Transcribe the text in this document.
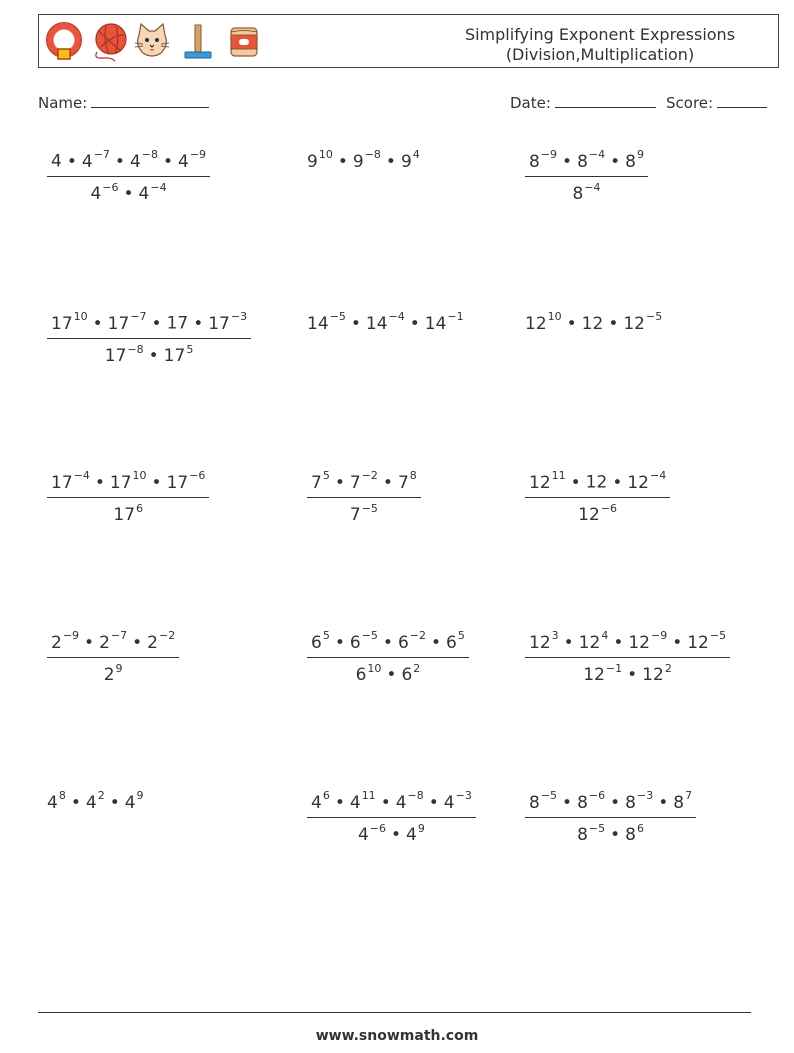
Simplifying Exponent Expressions
(Division,Multiplication)
Name:	Date:	Score:
$\frac{4 • 4^{-7} • 4^{-8} • 4^{-9}}{4^{-6} • 4^{-4}}$	$9^{10}$ • $9^{-8}$ • $9^4$	$\frac{8^{-9} • 8^{-4} • 8^9}{8^{-4}}$
$\frac{17^{10} • 17^{-7} • 17 • 17^{-3}}{17^{-8} • 17^5}$	$14^{-5}$ • $14^{-4}$ • $14^{-1}$	$12^{10}$ • 12 • $12^{-5}$
$\frac{17^{-4} • 17^{10} • 17^{-6}}{17^6}$	$\frac{7^5 • 7^{-2} • 7^8}{7^{-5}}$	$\frac{12^{11} • 12 • 12^{-4}}{12^{-6}}$
$\frac{2^{-9} • 2^{-7} • 2^{-2}}{2^9}$	$\frac{6^5 • 6^{-5} • 6^{-2} • 6^5}{6^{10} • 6^2}$	$\frac{12^3 • 12^4 • 12^{-9} • 12^{-5}}{12^{-1} • 12^2}$
$4^8$ • $4^2$ • $4^9$	$\frac{4^6 • 4^{11} • 4^{-8} • 4^{-3}}{4^{-6} • 4^9}$	$\frac{8^{-5} • 8^{-6} • 8^{-3} • 8^7}{8^{-5} • 8^6}$
www.snowmath.com
